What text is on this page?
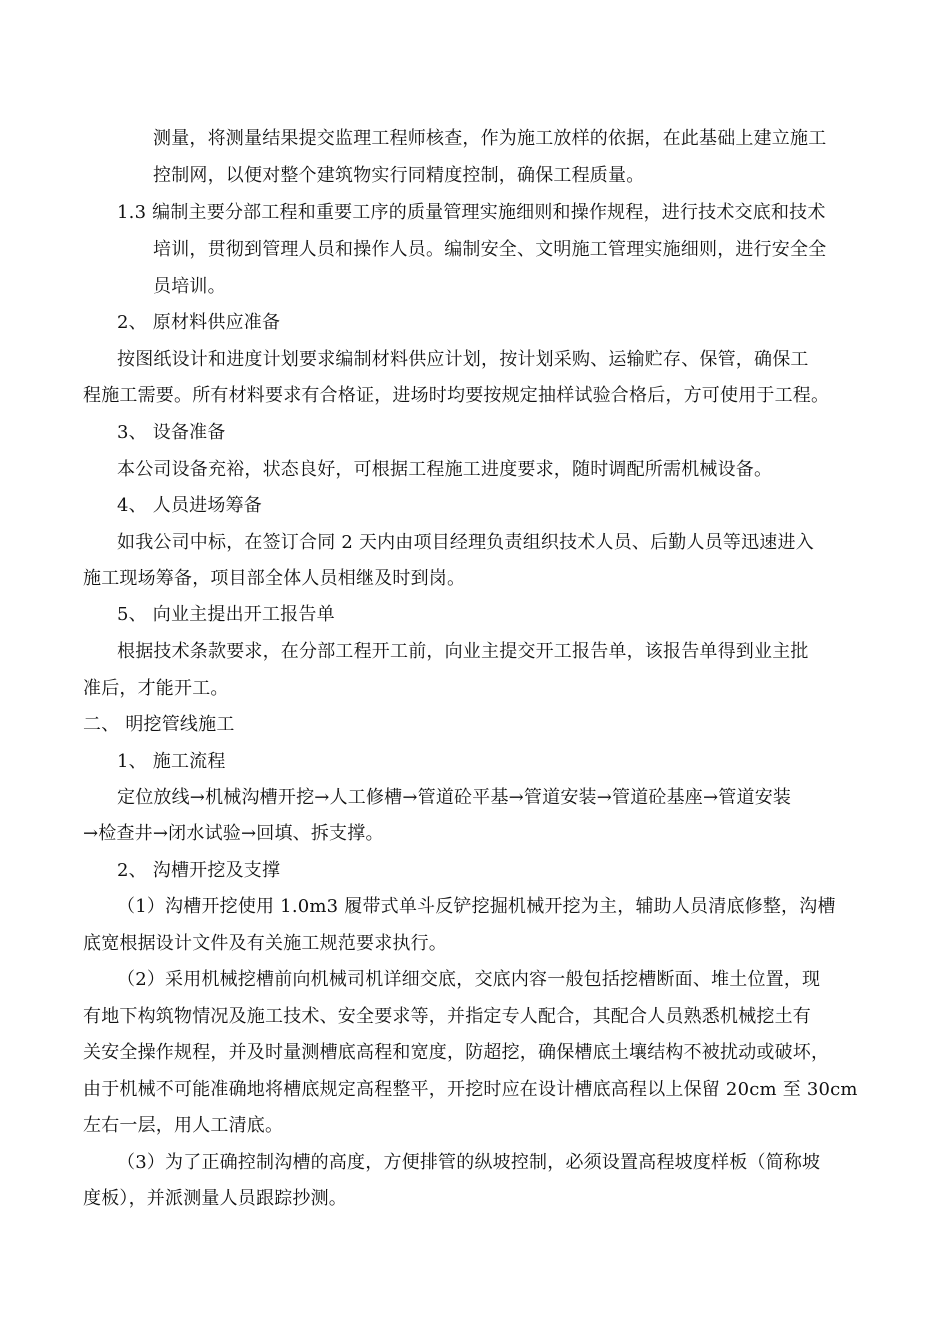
测量，将测量结果提交监理工程师核查，作为施工放样的依据，在此基础上建立施工
控制网，以便对整个建筑物实行同精度控制，确保工程质量。
1.3 编制主要分部工程和重要工序的质量管理实施细则和操作规程，进行技术交底和技术
培训，贯彻到管理人员和操作人员。编制安全、文明施工管理实施细则，进行安全全
员培训。
2、 原材料供应准备
按图纸设计和进度计划要求编制材料供应计划，按计划采购、运输贮存、保管，确保工
程施工需要。所有材料要求有合格证，进场时均要按规定抽样试验合格后，方可使用于工程。
3、 设备准备
本公司设备充裕，状态良好，可根据工程施工进度要求，随时调配所需机械设备。
4、 人员进场筹备
如我公司中标，在签订合同 2 天内由项目经理负责组织技术人员、后勤人员等迅速进入
施工现场筹备，项目部全体人员相继及时到岗。
5、 向业主提出开工报告单
根据技术条款要求，在分部工程开工前，向业主提交开工报告单，该报告单得到业主批
准后，才能开工。
二、 明挖管线施工
1、 施工流程
定位放线→机械沟槽开挖→人工修槽→管道砼平基→管道安装→管道砼基座→管道安装
→检查井→闭水试验→回填、拆支撑。
2、 沟槽开挖及支撑
（1）沟槽开挖使用 1.0m3 履带式单斗反铲挖掘机械开挖为主，辅助人员清底修整，沟槽
底宽根据设计文件及有关施工规范要求执行。
（2）采用机械挖槽前向机械司机详细交底，交底内容一般包括挖槽断面、堆土位置，现
有地下构筑物情况及施工技术、安全要求等，并指定专人配合，其配合人员熟悉机械挖土有
关安全操作规程，并及时量测槽底高程和宽度，防超挖，确保槽底土壤结构不被扰动或破坏，
由于机械不可能准确地将槽底规定高程整平，开挖时应在设计槽底高程以上保留 20cm 至 30cm
左右一层，用人工清底。
（3）为了正确控制沟槽的高度，方便排管的纵坡控制，必须设置高程坡度样板（简称坡
度板），并派测量人员跟踪抄测。
